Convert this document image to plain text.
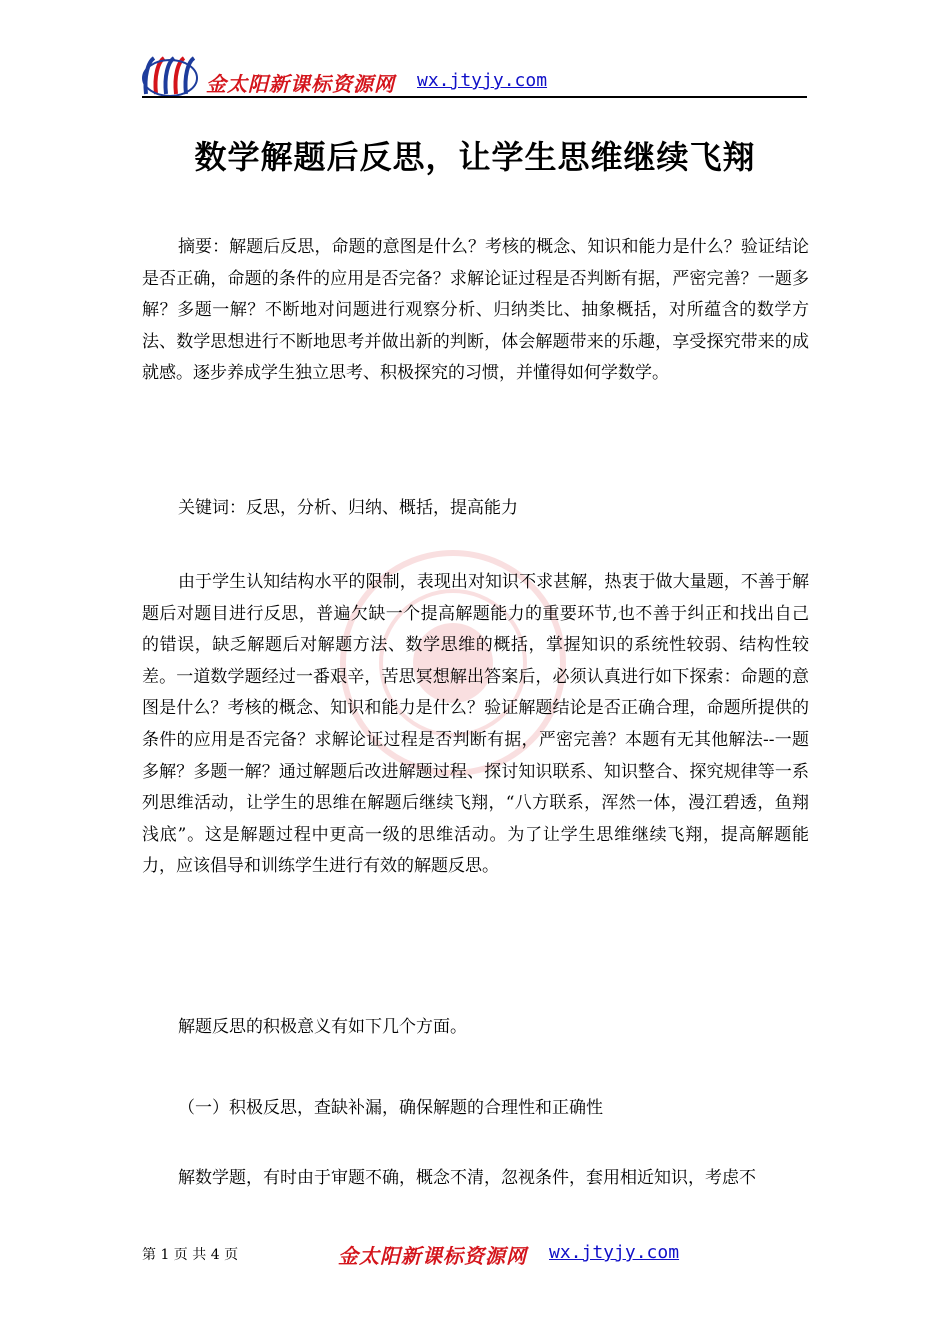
金太阳新课标资源网 wx.jtyjy.com
数学解题后反思，让学生思维继续飞翔

摘要：解题后反思，命题的意图是什么？考核的概念、知识和能力是什么？验证结论是否正确，命题的条件的应用是否完备？求解论证过程是否判断有据，严密完善？一题多解？多题一解？不断地对问题进行观察分析、归纳类比、抽象概括，对所蕴含的数学方法、数学思想进行不断地思考并做出新的判断，体会解题带来的乐趣，享受探究带来的成就感。逐步养成学生独立思考、积极探究的习惯，并懂得如何学数学。

关键词：反思，分析、归纳、概括，提高能力

由于学生认知结构水平的限制，表现出对知识不求甚解，热衷于做大量题，不善于解题后对题目进行反思，普遍欠缺一个提高解题能力的重要环节,也不善于纠正和找出自己的错误，缺乏解题后对解题方法、数学思维的概括，掌握知识的系统性较弱、结构性较差。一道数学题经过一番艰辛，苦思冥想解出答案后，必须认真进行如下探索：命题的意图是什么？考核的概念、知识和能力是什么？验证解题结论是否正确合理，命题所提供的条件的应用是否完备？求解论证过程是否判断有据，严密完善？本题有无其他解法--一题多解？多题一解？通过解题后改进解题过程、探讨知识联系、知识整合、探究规律等一系列思维活动，让学生的思维在解题后继续飞翔，“八方联系，浑然一体，漫江碧透，鱼翔浅底”。这是解题过程中更高一级的思维活动。为了让学生思维继续飞翔，提高解题能力，应该倡导和训练学生进行有效的解题反思。

解题反思的积极意义有如下几个方面。

（一）积极反思，查缺补漏，确保解题的合理性和正确性

解数学题，有时由于审题不确，概念不清，忽视条件，套用相近知识，考虑不

第 1 页 共 4 页	金太阳新课标资源网 wx.jtyjy.com
